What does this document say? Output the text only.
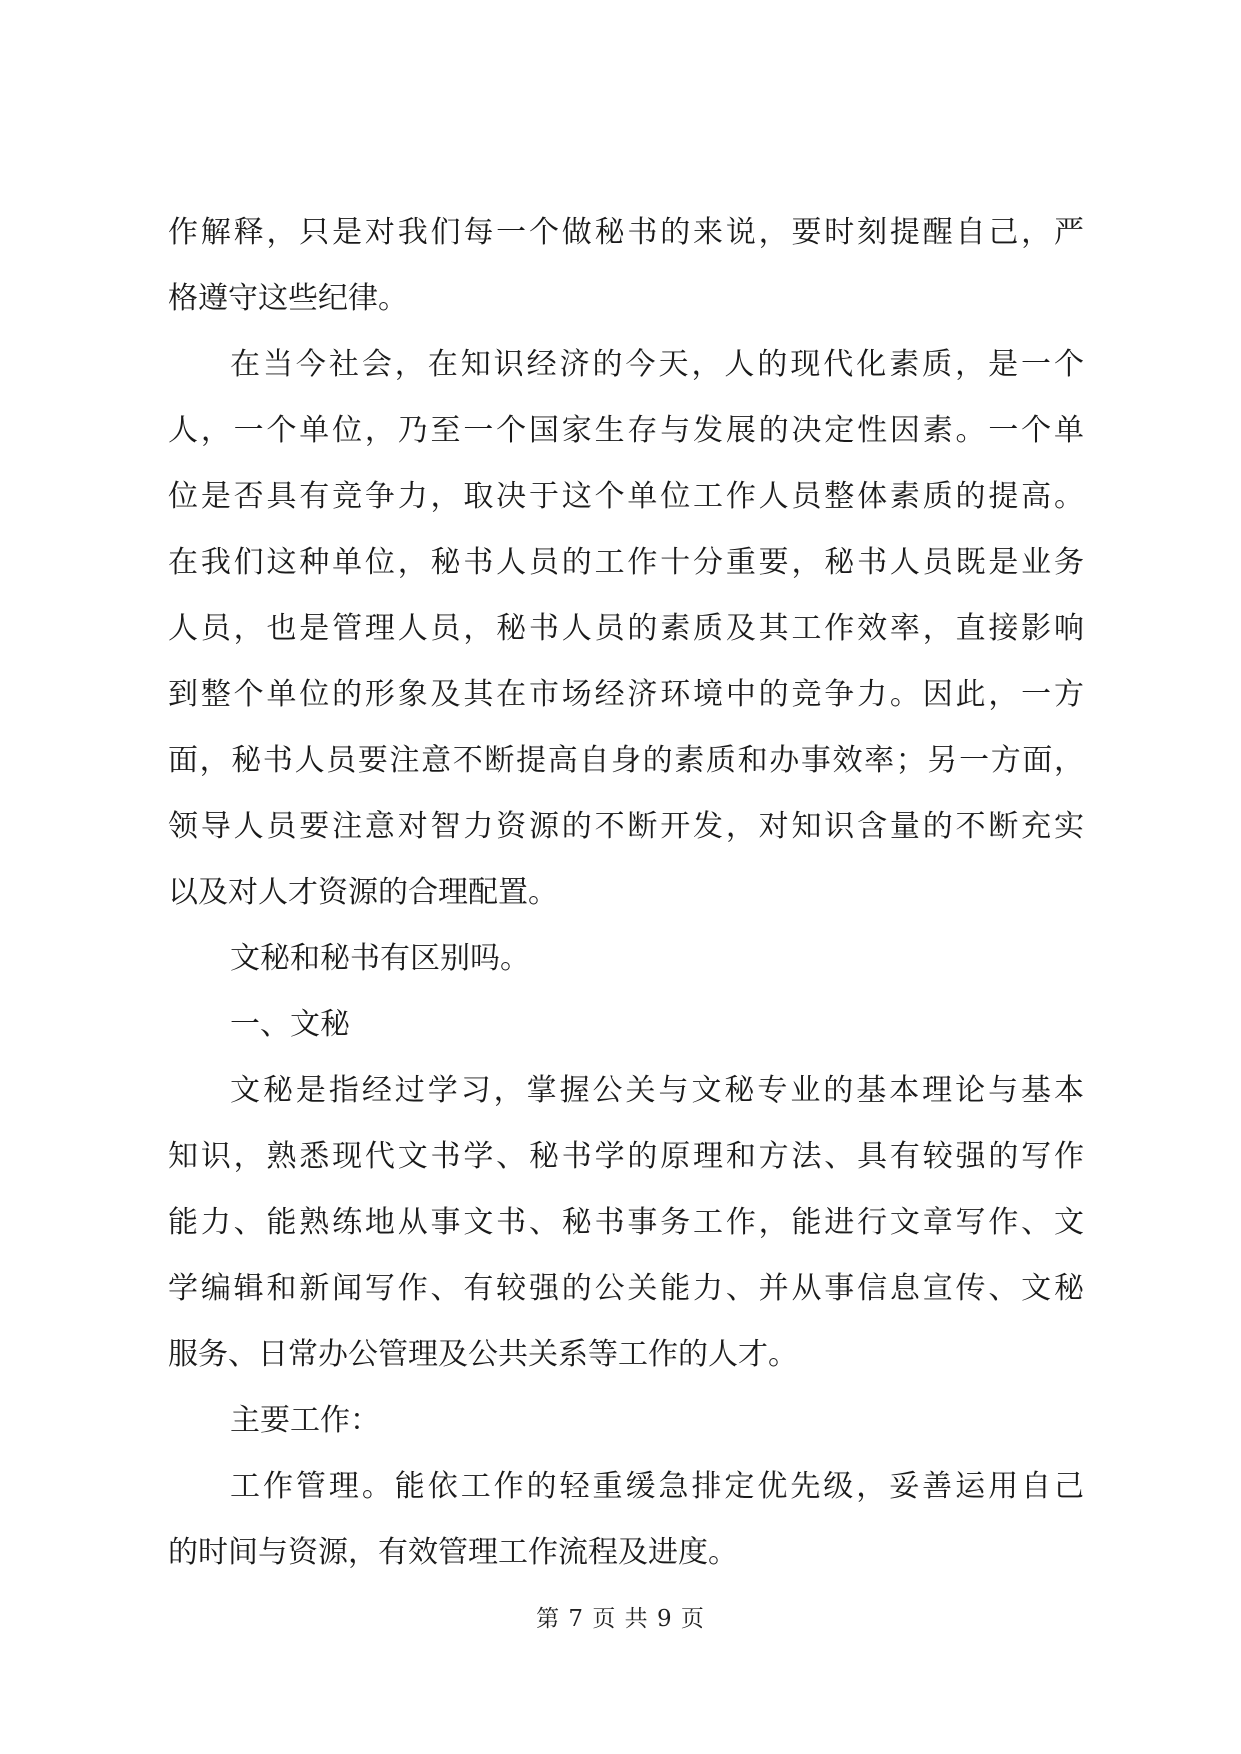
作解释，只是对我们每一个做秘书的来说，要时刻提醒自己，严
格遵守这些纪律。
在当今社会，在知识经济的今天，人的现代化素质，是一个
人，一个单位，乃至一个国家生存与发展的决定性因素。一个单
位是否具有竞争力，取决于这个单位工作人员整体素质的提高。
在我们这种单位，秘书人员的工作十分重要，秘书人员既是业务
人员，也是管理人员，秘书人员的素质及其工作效率，直接影响
到整个单位的形象及其在市场经济环境中的竞争力。因此，一方
面，秘书人员要注意不断提高自身的素质和办事效率；另一方面，
领导人员要注意对智力资源的不断开发，对知识含量的不断充实
以及对人才资源的合理配置。
文秘和秘书有区别吗。
一、文秘
文秘是指经过学习，掌握公关与文秘专业的基本理论与基本
知识，熟悉现代文书学、秘书学的原理和方法、具有较强的写作
能力、能熟练地从事文书、秘书事务工作，能进行文章写作、文
学编辑和新闻写作、有较强的公关能力、并从事信息宣传、文秘
服务、日常办公管理及公共关系等工作的人才。
主要工作：
工作管理。能依工作的轻重缓急排定优先级，妥善运用自己
的时间与资源，有效管理工作流程及进度。
第 7 页 共 9 页
